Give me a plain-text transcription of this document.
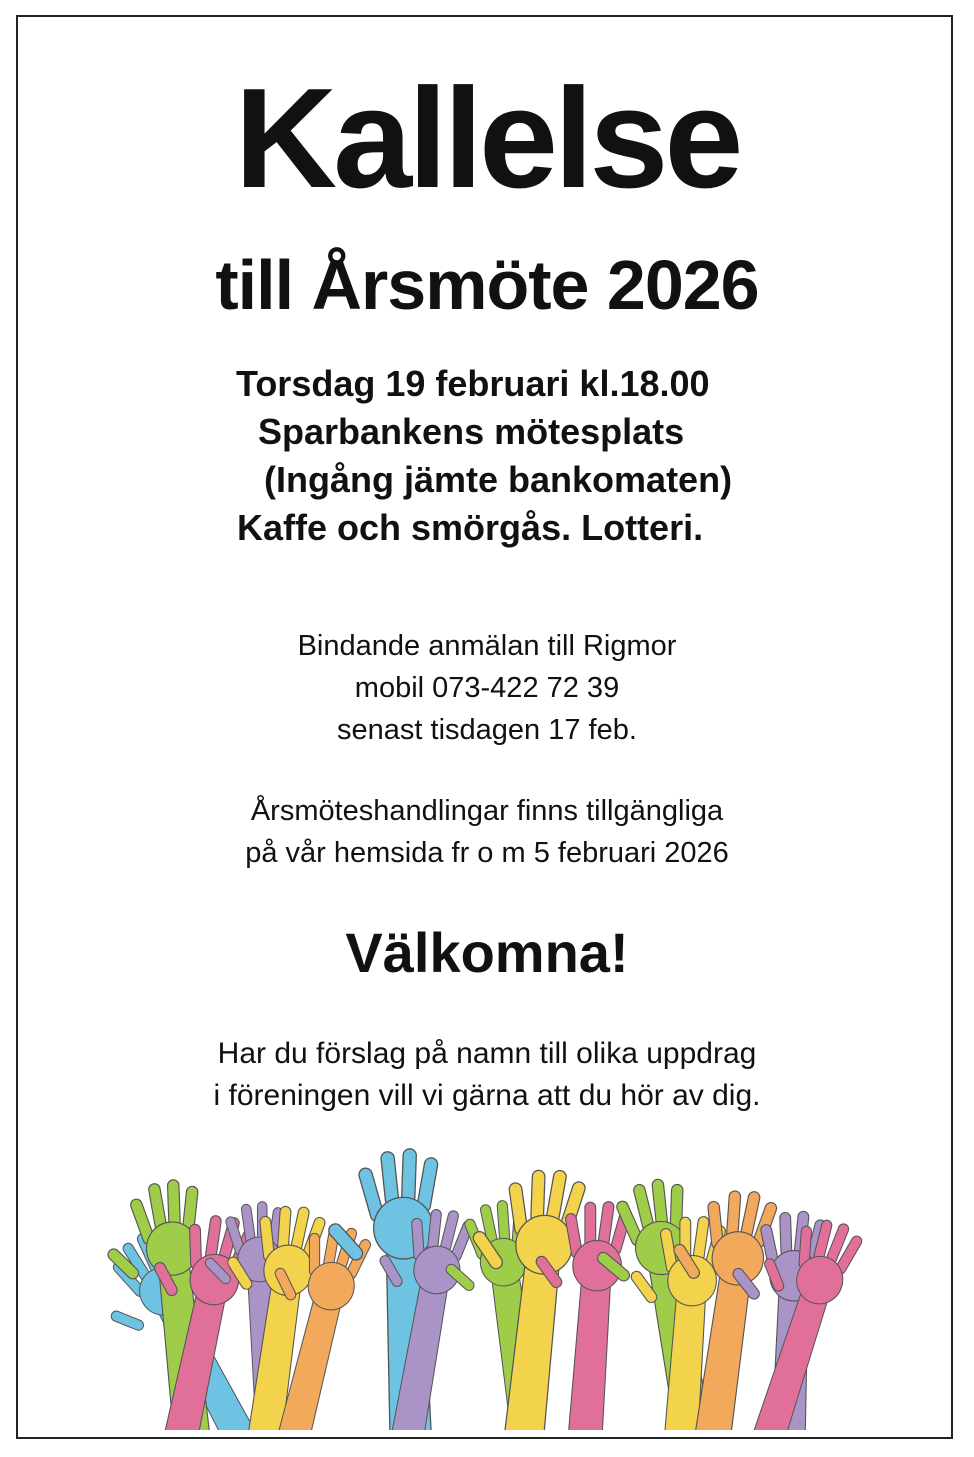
Kallelse
till Årsmöte 2026
Torsdag 19 februari kl.18.00
Sparbankens mötesplats
(Ingång jämte bankomaten)
Kaffe och smörgås. Lotteri.
Bindande anmälan till Rigmor
mobil 073-422 72 39
senast tisdagen 17 feb.
Årsmöteshandlingar finns tillgängliga
på vår hemsida fr o m 5 februari 2026
Välkomna!
Har du förslag på namn till olika uppdrag
i föreningen vill vi gärna att du hör av dig.
